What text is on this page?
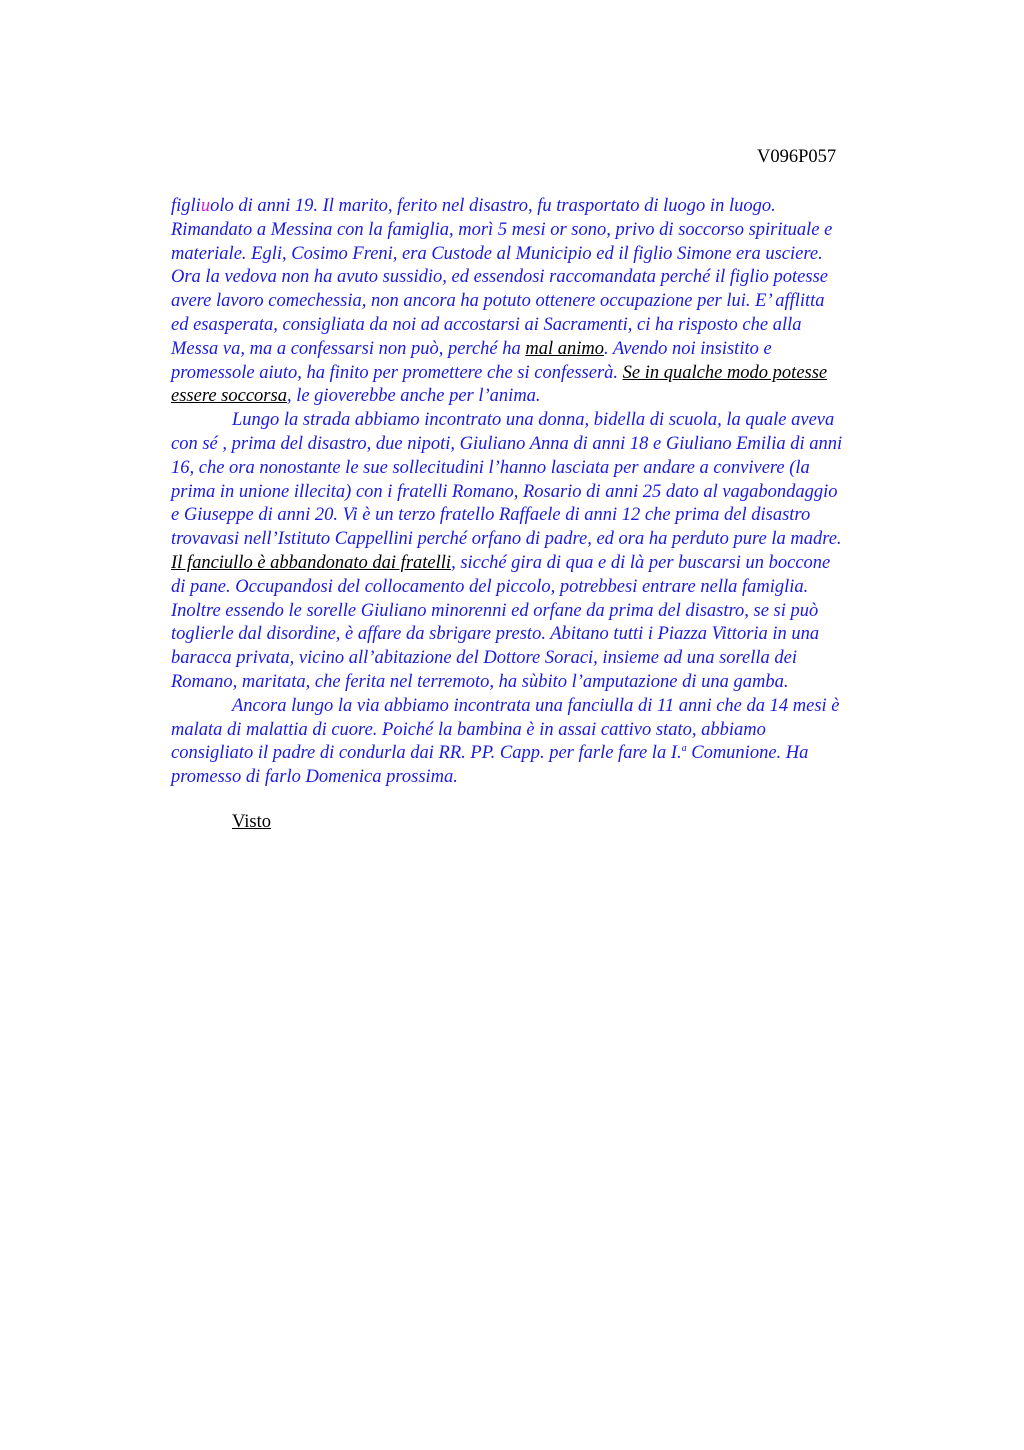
V096P057
figliuolo di anni 19. Il marito, ferito nel disastro, fu trasportato di luogo in luogo.
Rimandato a Messina con la famiglia, morì 5 mesi or sono, privo di soccorso spirituale e
materiale. Egli, Cosimo Freni, era Custode al Municipio ed il figlio Simone era usciere.
Ora la vedova non ha avuto sussidio, ed essendosi raccomandata perché il figlio potesse
avere lavoro comechessia, non ancora ha potuto ottenere occupazione per lui. E’ afflitta
ed esasperata, consigliata da noi ad accostarsi ai Sacramenti, ci ha risposto che alla
Messa va, ma a confessarsi non può, perché ha mal animo. Avendo noi insistito e
promessole aiuto, ha finito per promettere che si confesserà. Se in qualche modo potesse
essere soccorsa, le gioverebbe anche per l’anima.
Lungo la strada abbiamo incontrato una donna, bidella di scuola, la quale aveva
con sé , prima del disastro, due nipoti, Giuliano Anna di anni 18 e Giuliano Emilia di anni
16, che ora nonostante le sue sollecitudini l’hanno lasciata per andare a convivere (la
prima in unione illecita) con i fratelli Romano, Rosario di anni 25 dato al vagabondaggio
e Giuseppe di anni 20. Vi è un terzo fratello Raffaele di anni 12 che prima del disastro
trovavasi nell’Istituto Cappellini perché orfano di padre, ed ora ha perduto pure la madre.
Il fanciullo è abbandonato dai fratelli, sicché gira di qua e di là per buscarsi un boccone
di pane. Occupandosi del collocamento del piccolo, potrebbesi entrare nella famiglia.
Inoltre essendo le sorelle Giuliano minorenni ed orfane da prima del disastro, se si può
toglierle dal disordine, è affare da sbrigare presto. Abitano tutti i Piazza Vittoria in una
baracca privata, vicino all’abitazione del Dottore Soraci, insieme ad una sorella dei
Romano, maritata, che ferita nel terremoto, ha sùbito l’amputazione di una gamba.
Ancora lungo la via abbiamo incontrata una fanciulla di 11 anni che da 14 mesi è
malata di malattia di cuore. Poiché la bambina è in assai cattivo stato, abbiamo
consigliato il padre di condurla dai RR. PP. Capp. per farle fare la I.$^a$ Comunione. Ha
promesso di farlo Domenica prossima.
Visto
